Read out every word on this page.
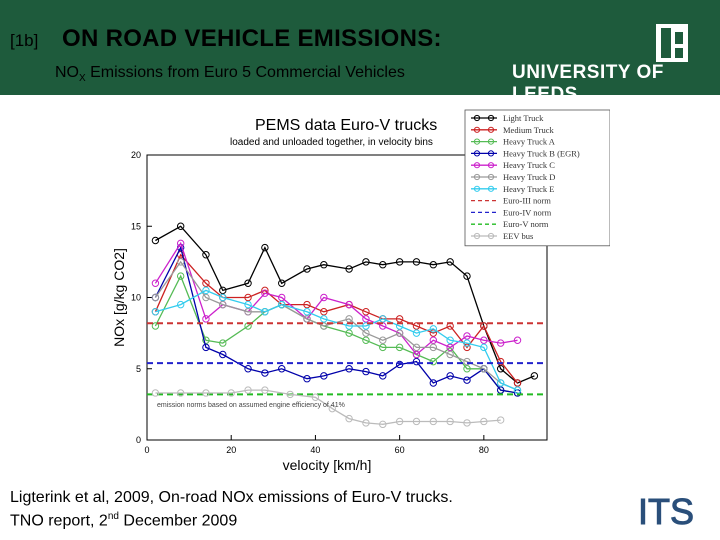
[1b] ON ROAD VEHICLE EMISSIONS:
$NO_X$ Emissions from Euro 5 Commercial Vehicles	UNIVERSITY OF LEEDS
PEMS data Euro-V trucks
loaded and unloaded together, in velocity bins
0	20	40	60	80
0
5
10
15
20
velocity [km/h]
NOx [g/kg CO2]
emission norms based on assumed engine efficiency of 41%
Light Truck
Medium Truck
Heavy Truck A
Heavy Truck B (EGR)
Heavy Truck C
Heavy Truck D
Heavy Truck E
Euro-III norm
Euro-IV norm
Euro-V norm
EEV bus
Ligterink et al, 2009, On-road NOx emissions of Euro-V trucks.
TNO report, 2nd December 2009	ITS
